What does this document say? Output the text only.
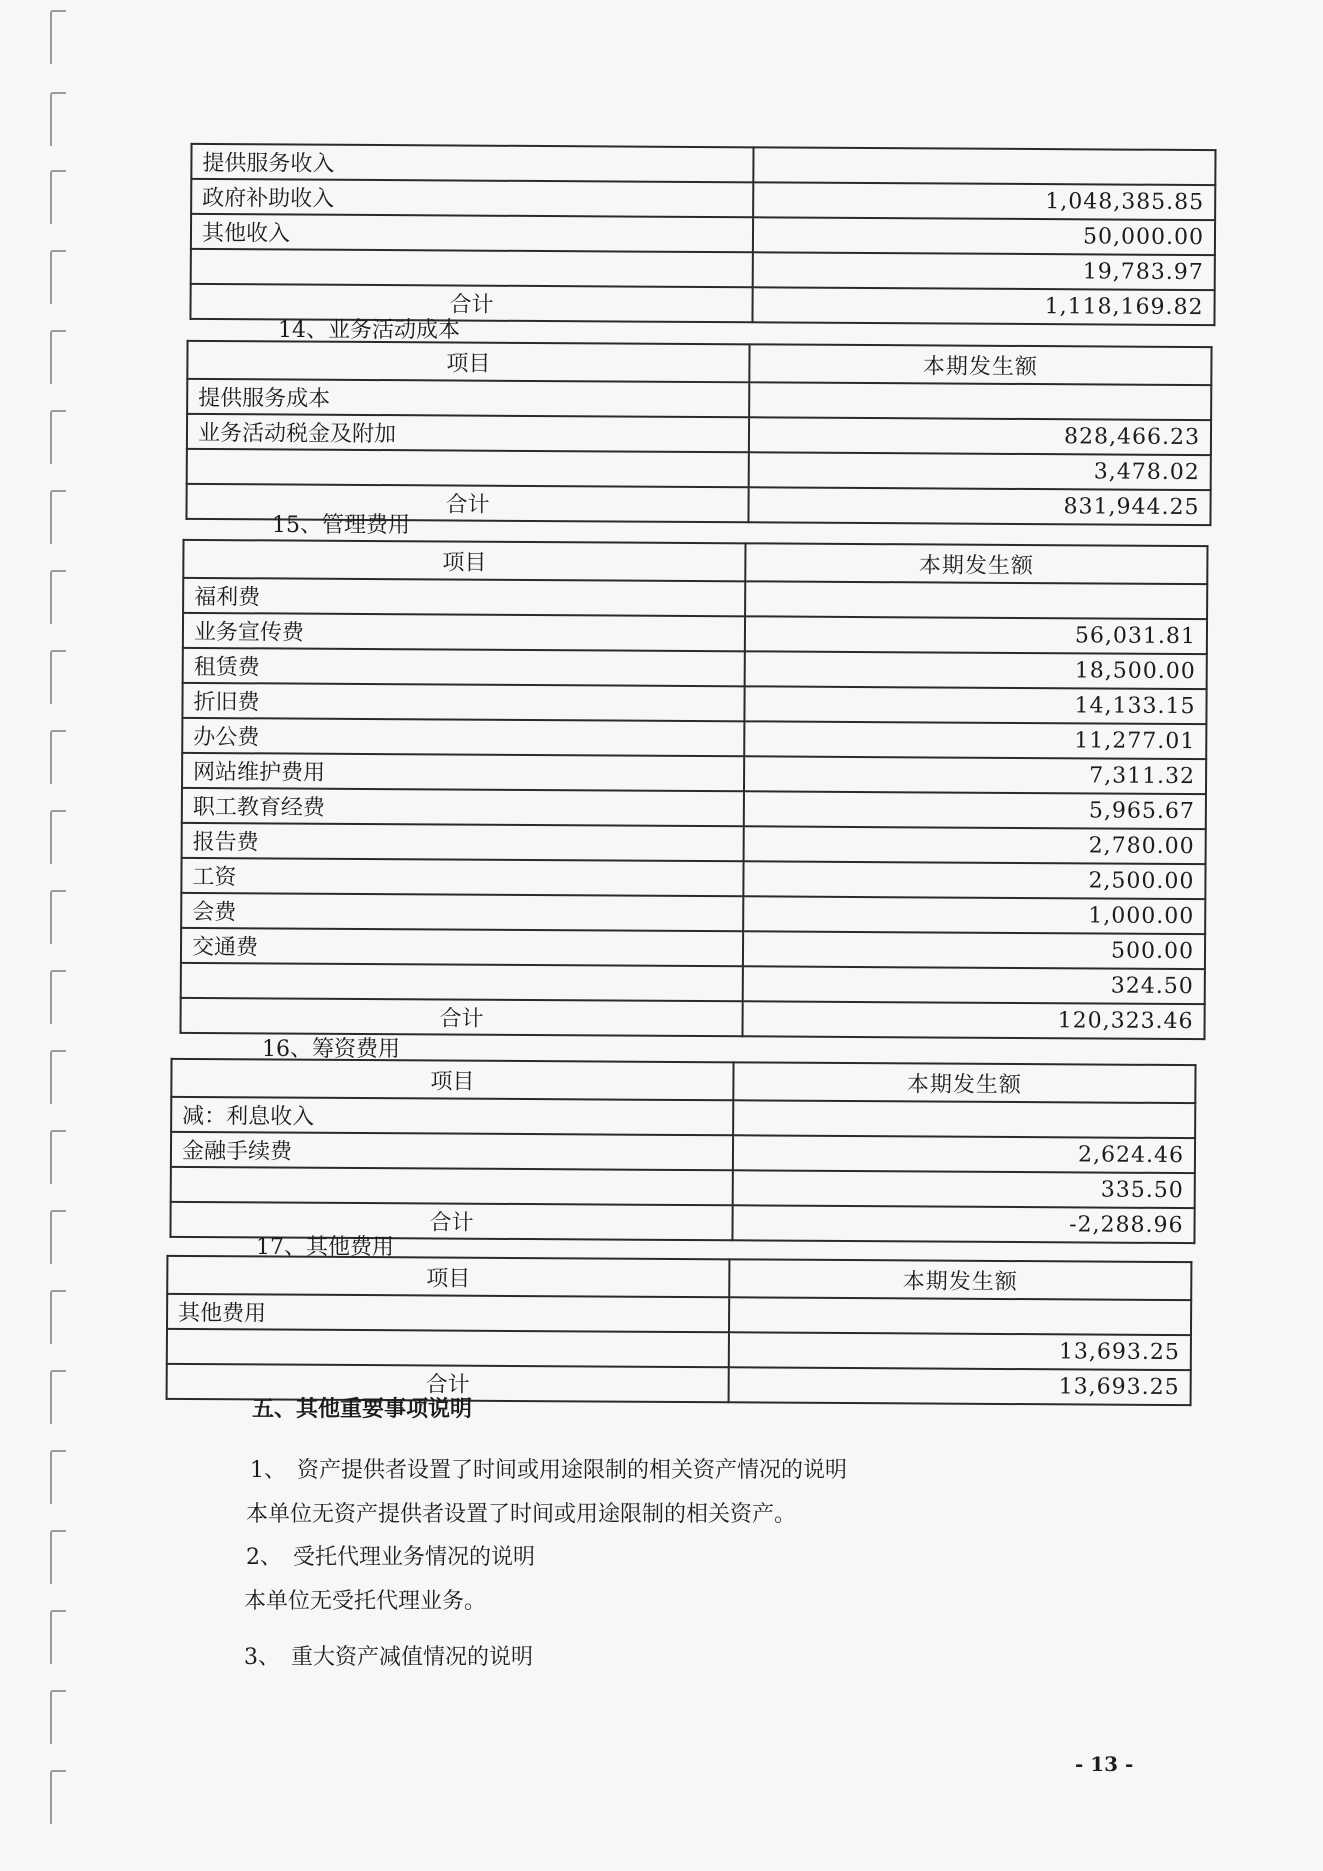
提供服务收入	
政府补助收入	1,048,385.85
其他收入	50,000.00
	19,783.97
合计	1,118,169.82
14、业务活动成本
项目	本期发生额
提供服务成本	
业务活动税金及附加	828,466.23
	3,478.02
合计	831,944.25
15、管理费用
项目	本期发生额
福利费	
业务宣传费	56,031.81
租赁费	18,500.00
折旧费	14,133.15
办公费	11,277.01
网站维护费用	7,311.32
职工教育经费	5,965.67
报告费	2,780.00
工资	2,500.00
会费	1,000.00
交通费	500.00
	324.50
合计	120,323.46
16、筹资费用
项目	本期发生额
减：利息收入	
金融手续费	2,624.46
	335.50
合计	-2,288.96
17、其他费用
项目	本期发生额
其他费用	
	13,693.25
合计	13,693.25
五、其他重要事项说明
1、　资产提供者设置了时间或用途限制的相关资产情况的说明
本单位无资产提供者设置了时间或用途限制的相关资产。
2、　受托代理业务情况的说明
本单位无受托代理业务。
3、　重大资产减值情况的说明
- 13 -
